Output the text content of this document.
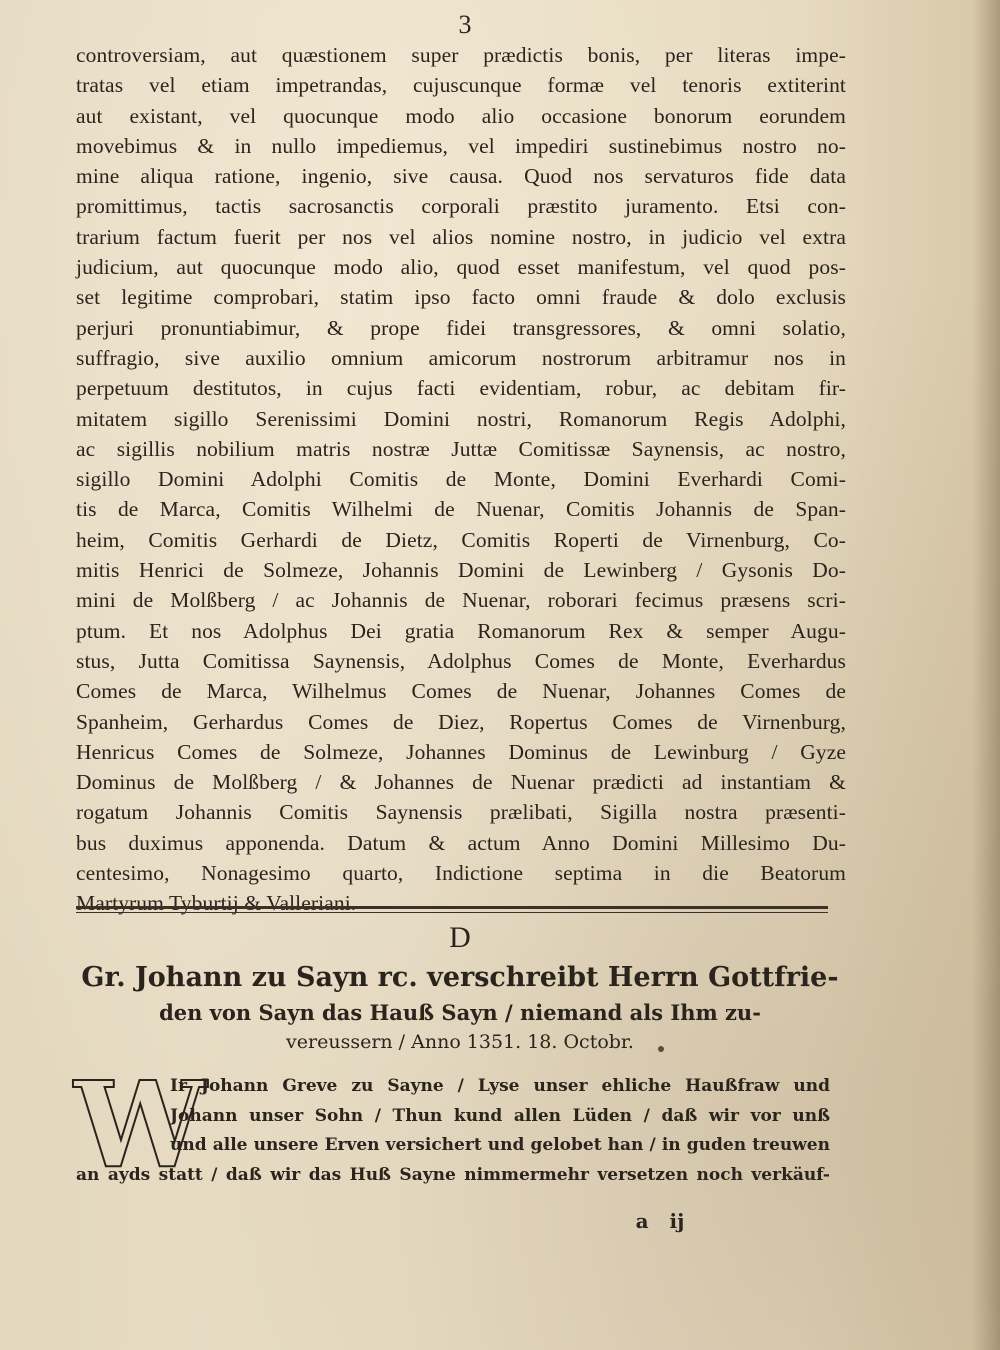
3
controversiam, aut quæstionem super prædictis bonis, per literas impe-
tratas vel etiam impetrandas, cujuscunque formæ vel tenoris extiterint
aut existant, vel quocunque modo alio occasione bonorum eorundem
movebimus & in nullo impediemus, vel impediri sustinebimus nostro no-
mine aliqua ratione, ingenio, sive causa. Quod nos servaturos fide data
promittimus, tactis sacrosanctis corporali præstito juramento. Etsi con-
trarium factum fuerit per nos vel alios nomine nostro, in judicio vel extra
judicium, aut quocunque modo alio, quod esset manifestum, vel quod pos-
set legitime comprobari, statim ipso facto omni fraude & dolo exclusis
perjuri pronuntiabimur, & prope fidei transgressores, & omni solatio,
suffragio, sive auxilio omnium amicorum nostrorum arbitramur nos in
perpetuum destitutos, in cujus facti evidentiam, robur, ac debitam fir-
mitatem sigillo Serenissimi Domini nostri, Romanorum Regis Adolphi,
ac sigillis nobilium matris nostræ Juttæ Comitissæ Saynensis, ac nostro,
sigillo Domini Adolphi Comitis de Monte, Domini Everhardi Comi-
tis de Marca, Comitis Wilhelmi de Nuenar, Comitis Johannis de Span-
heim, Comitis Gerhardi de Dietz, Comitis Roperti de Virnenburg, Co-
mitis Henrici de Solmeze, Johannis Domini de Lewinberg / Gysonis Do-
mini de Molßberg / ac Johannis de Nuenar, roborari fecimus præsens scri-
ptum. Et nos Adolphus Dei gratia Romanorum Rex & semper Augu-
stus, Jutta Comitissa Saynensis, Adolphus Comes de Monte, Everhardus
Comes de Marca, Wilhelmus Comes de Nuenar, Johannes Comes de
Spanheim, Gerhardus Comes de Diez, Ropertus Comes de Virnenburg,
Henricus Comes de Solmeze, Johannes Dominus de Lewinburg / Gyze
Dominus de Molßberg / & Johannes de Nuenar prædicti ad instantiam &
rogatum Johannis Comitis Saynensis prælibati, Sigilla nostra præsenti-
bus duximus apponenda. Datum & actum Anno Domini Millesimo Du-
centesimo, Nonagesimo quarto, Indictione septima in die Beatorum
Martyrum Tyburtij & Valleriani.
D
Gr. Johann zu Sayn rc. verschreibt Herrn Gottfrie-
den von Sayn das Hauß Sayn / niemand als Ihm zu-
vereussern / Anno 1351. 18. Octobr.
W
Ir Johann Greve zu Sayne / Lyse unser ehliche Haußfraw und
Johann unser Sohn / Thun kund allen Lüden / daß wir vor unß
und alle unsere Erven versichert und gelobet han / in guden treuwen
an ayds statt / daß wir das Huß Sayne nimmermehr versetzen noch verkäuf-
a ij
